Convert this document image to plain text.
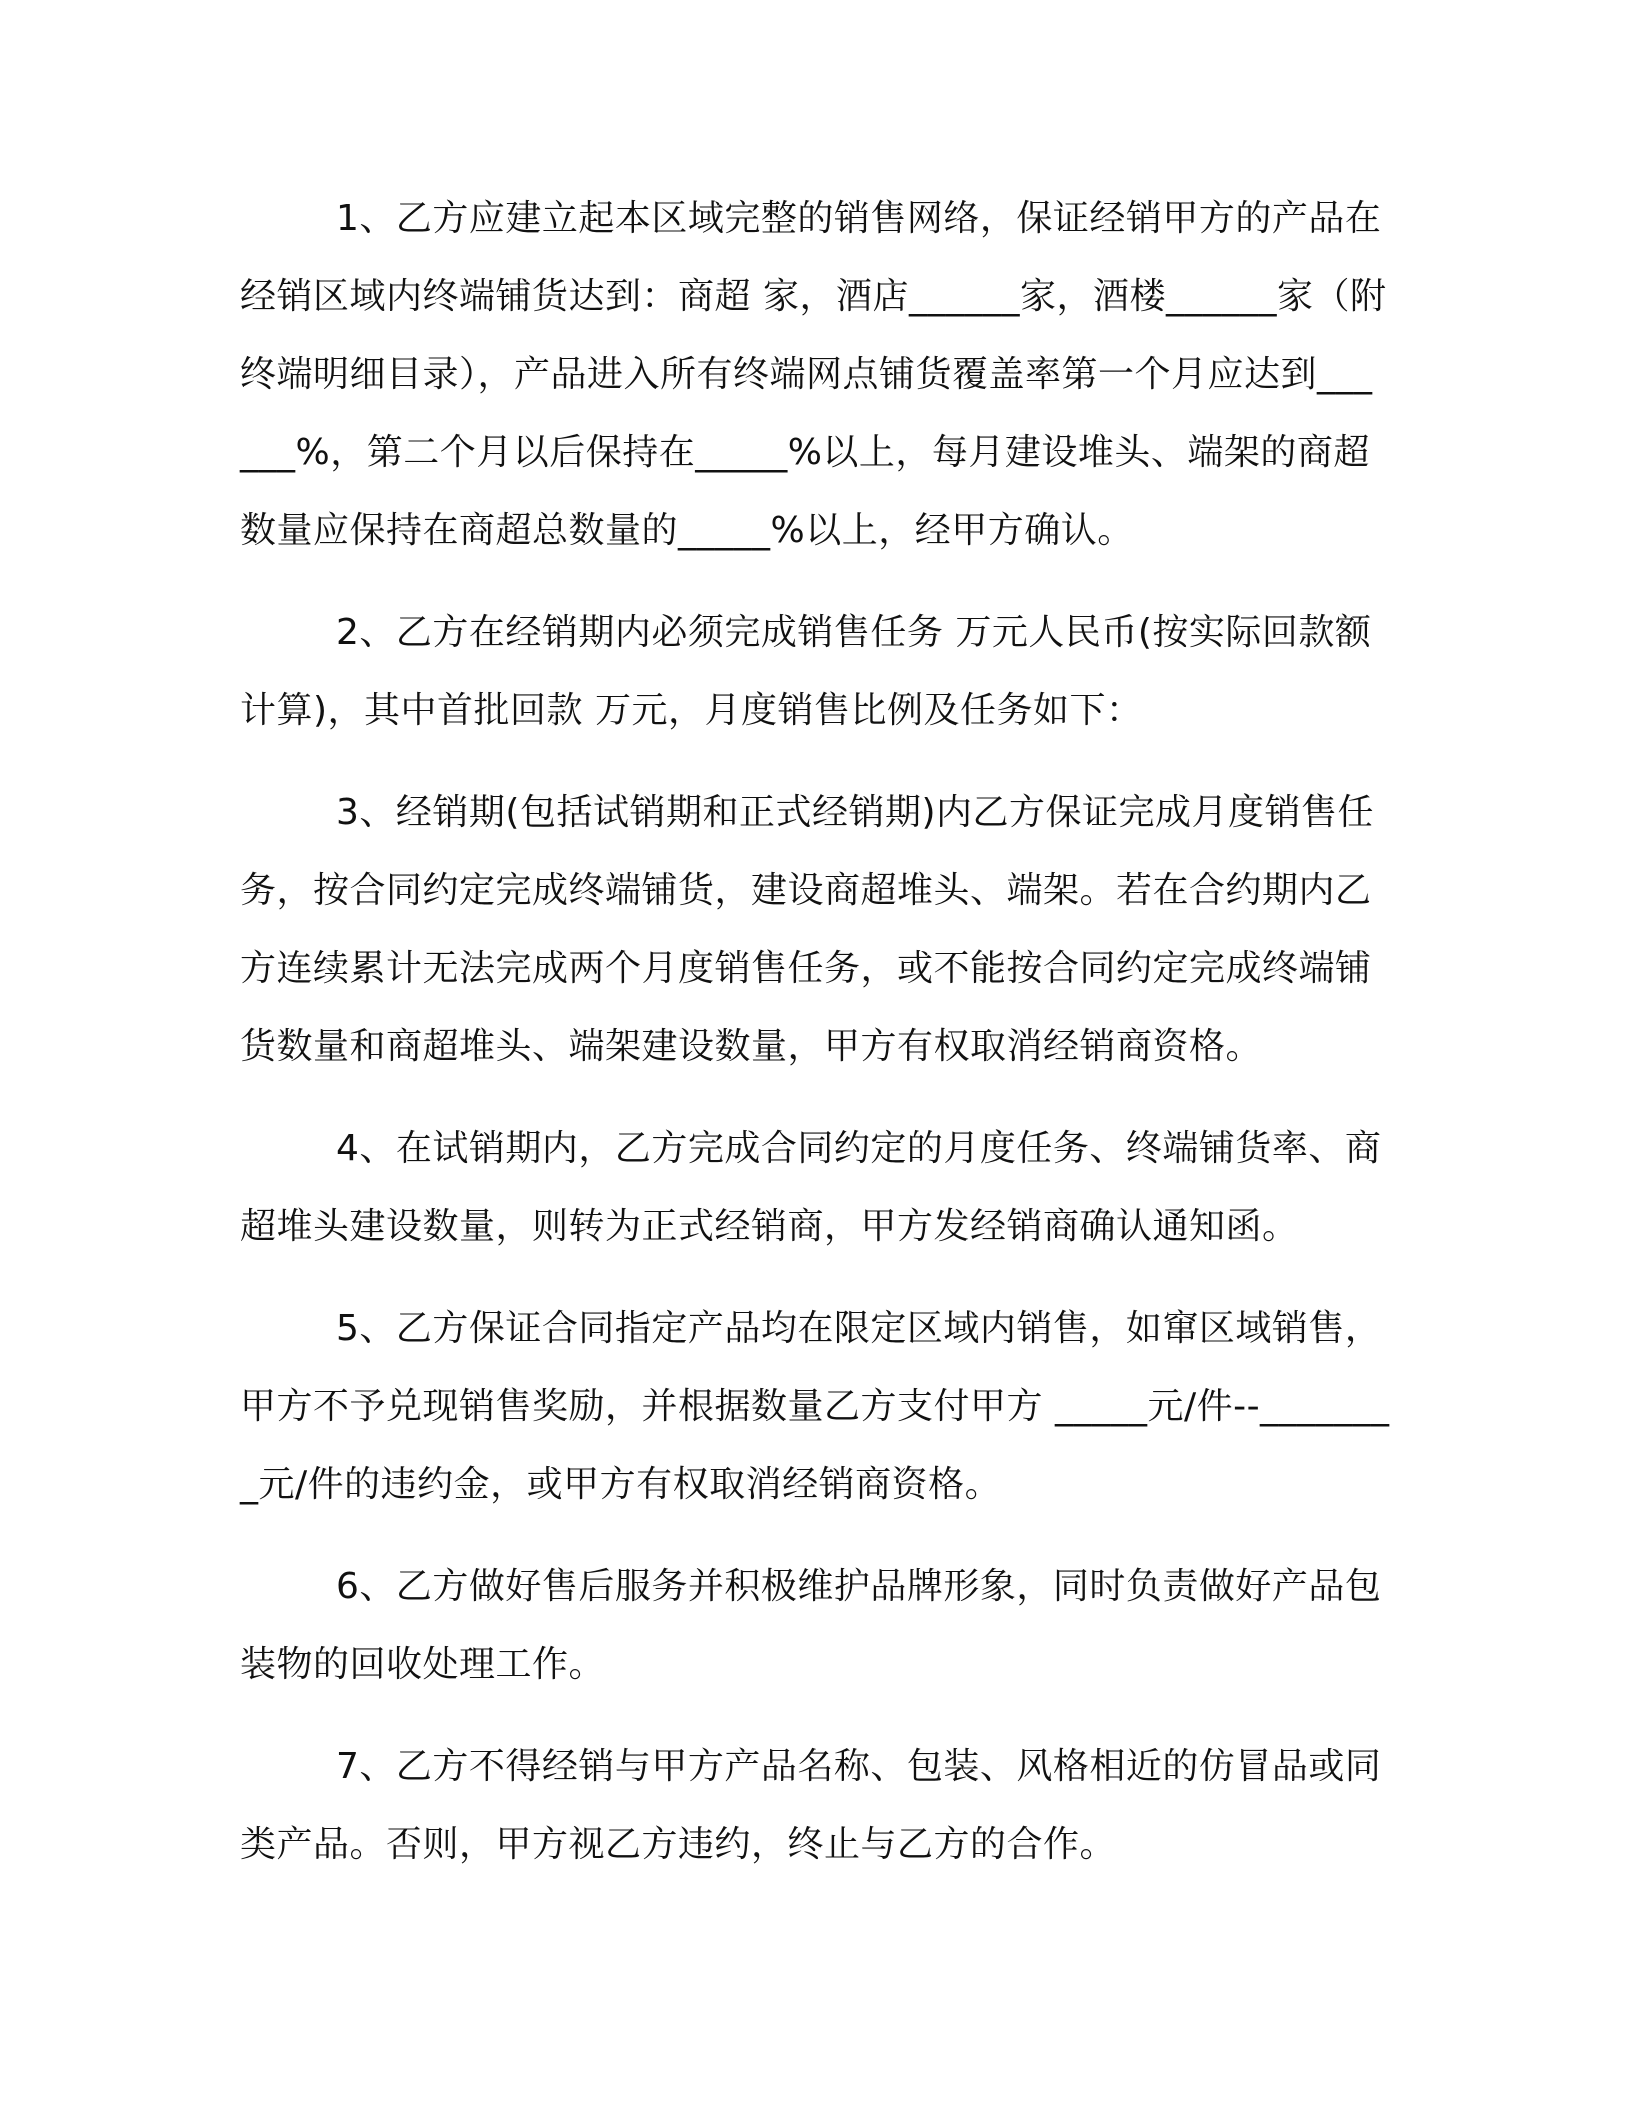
1、乙方应建立起本区域完整的销售网络，保证经销甲方的产品在经销区域内终端铺货达到：商超 家，酒店______家，酒楼______家（附终端明细目录），产品进入所有终端网点铺货覆盖率第一个月应达到______%，第二个月以后保持在_____%以上，每月建设堆头、端架的商超数量应保持在商超总数量的_____%以上，经甲方确认。

2、乙方在经销期内必须完成销售任务 万元人民币(按实际回款额计算)，其中首批回款 万元，月度销售比例及任务如下：

3、经销期(包括试销期和正式经销期)内乙方保证完成月度销售任务，按合同约定完成终端铺货，建设商超堆头、端架。若在合约期内乙方连续累计无法完成两个月度销售任务，或不能按合同约定完成终端铺货数量和商超堆头、端架建设数量，甲方有权取消经销商资格。

4、在试销期内，乙方完成合同约定的月度任务、终端铺货率、商超堆头建设数量，则转为正式经销商，甲方发经销商确认通知函。

5、乙方保证合同指定产品均在限定区域内销售，如窜区域销售，甲方不予兑现销售奖励，并根据数量乙方支付甲方 _____元/件--________元/件的违约金，或甲方有权取消经销商资格。

6、乙方做好售后服务并积极维护品牌形象，同时负责做好产品包装物的回收处理工作。

7、乙方不得经销与甲方产品名称、包装、风格相近的仿冒品或同类产品。否则，甲方视乙方违约，终止与乙方的合作。
